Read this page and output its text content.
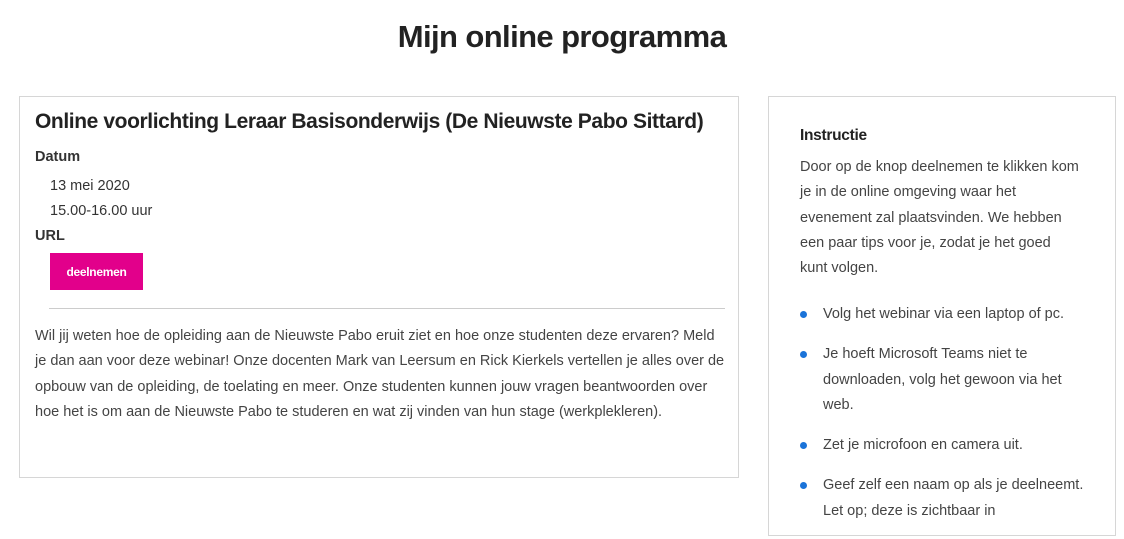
Mijn online programma
Online voorlichting Leraar Basisonderwijs (De Nieuwste Pabo Sittard)
Datum
13 mei 2020
15.00-16.00 uur
URL
deelnemen

Wil jij weten hoe de opleiding aan de Nieuwste Pabo eruit ziet en hoe onze studenten deze ervaren? Meld je dan aan voor deze webinar! Onze docenten Mark van Leersum en Rick Kierkels vertellen je alles over de opbouw van de opleiding, de toelating en meer. Onze studenten kunnen jouw vragen beantwoorden over hoe het is om aan de Nieuwste Pabo te studeren en wat zij vinden van hun stage (werkplekleren).

Instructie

Door op de knop deelnemen te klikken kom je in de online omgeving waar het evenement zal plaatsvinden. We hebben een paar tips voor je, zodat je het goed kunt volgen.

Volg het webinar via een laptop of pc.
Je hoeft Microsoft Teams niet te downloaden, volg het gewoon via het web.
Zet je microfoon en camera uit.
Geef zelf een naam op als je deelneemt. Let op; deze is zichtbaar in
